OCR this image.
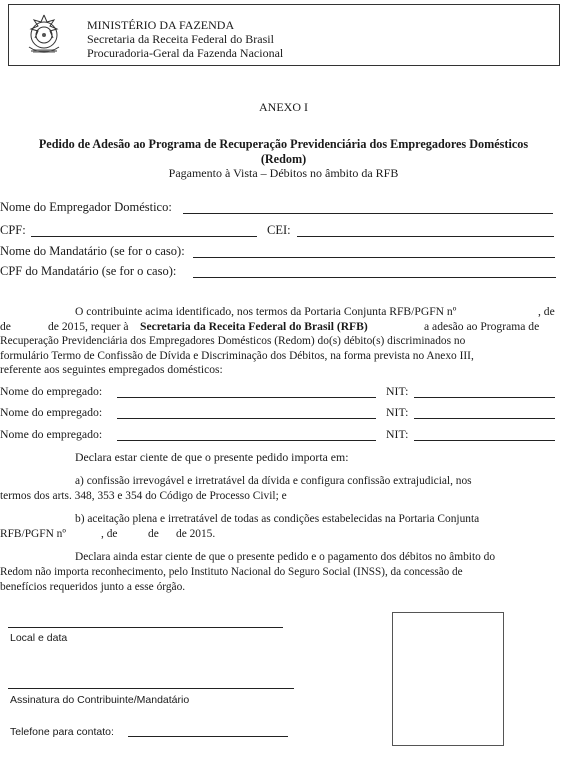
MINISTÉRIO DA FAZENDA
Secretaria da Receita Federal do Brasil
Procuradoria-Geral da Fazenda Nacional
ANEXO I
Pedido de Adesão ao Programa de Recuperação Previdenciária dos Empregadores Domésticos
(Redom)
Pagamento à Vista – Débitos no âmbito da RFB
Nome do Empregador Doméstico:
CPF:	CEI:
Nome do Mandatário (se for o caso):
CPF do Mandatário (se for o caso):
O contribuinte acima identificado, nos termos da Portaria Conjunta RFB/PGFN nº	, de
de	de 2015, requer à Secretaria da Receita Federal do Brasil (RFB)	a adesão ao Programa de
Recuperação Previdenciária dos Empregadores Domésticos (Redom) do(s) débito(s) discriminados no
formulário Termo de Confissão de Dívida e Discriminação dos Débitos, na forma prevista no Anexo III,
referente aos seguintes empregados domésticos:
Nome do empregado:	NIT:
Nome do empregado:	NIT:
Nome do empregado:	NIT:
Declara estar ciente de que o presente pedido importa em:
a) confissão irrevogável e irretratável da dívida e configura confissão extrajudicial, nos
termos dos arts. 348, 353 e 354 do Código de Processo Civil; e
b) aceitação plena e irretratável de todas as condições estabelecidas na Portaria Conjunta
RFB/PGFN nº	, de	de de 2015.
Declara ainda estar ciente de que o presente pedido e o pagamento dos débitos no âmbito do
Redom não importa reconhecimento, pelo Instituto Nacional do Seguro Social (INSS), da concessão de
benefícios requeridos junto a esse órgão.
Local e data
Assinatura do Contribuinte/Mandatário
Telefone para contato:
